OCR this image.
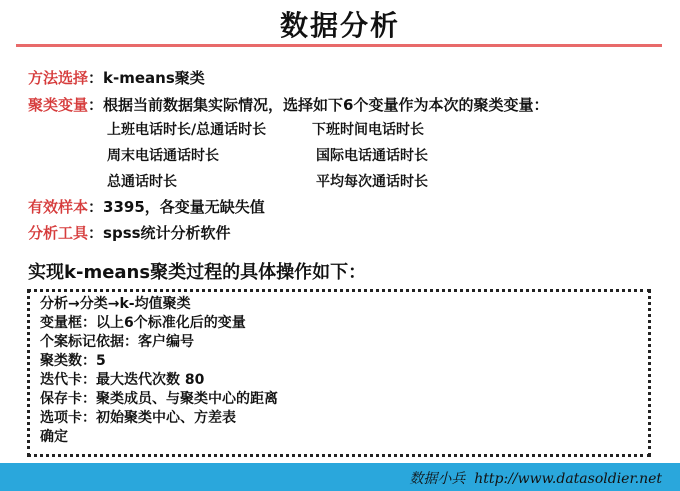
数据分析
方法选择：k-means聚类
聚类变量：根据当前数据集实际情况，选择如下6个变量作为本次的聚类变量：
上班电话时长/总通话时长	下班时间电话时长
周末电话通话时长	国际电话通话时长
总通话时长	平均每次通话时长
有效样本：3395，各变量无缺失值
分析工具：spss统计分析软件
实现k-means聚类过程的具体操作如下：
分析→分类→k-均值聚类
变量框：以上6个标准化后的变量
个案标记依据：客户编号
聚类数：5
迭代卡：最大迭代次数 80
保存卡：聚类成员、与聚类中心的距离
选项卡：初始聚类中心、方差表
确定
数据小兵 http://www.datasoldier.net
